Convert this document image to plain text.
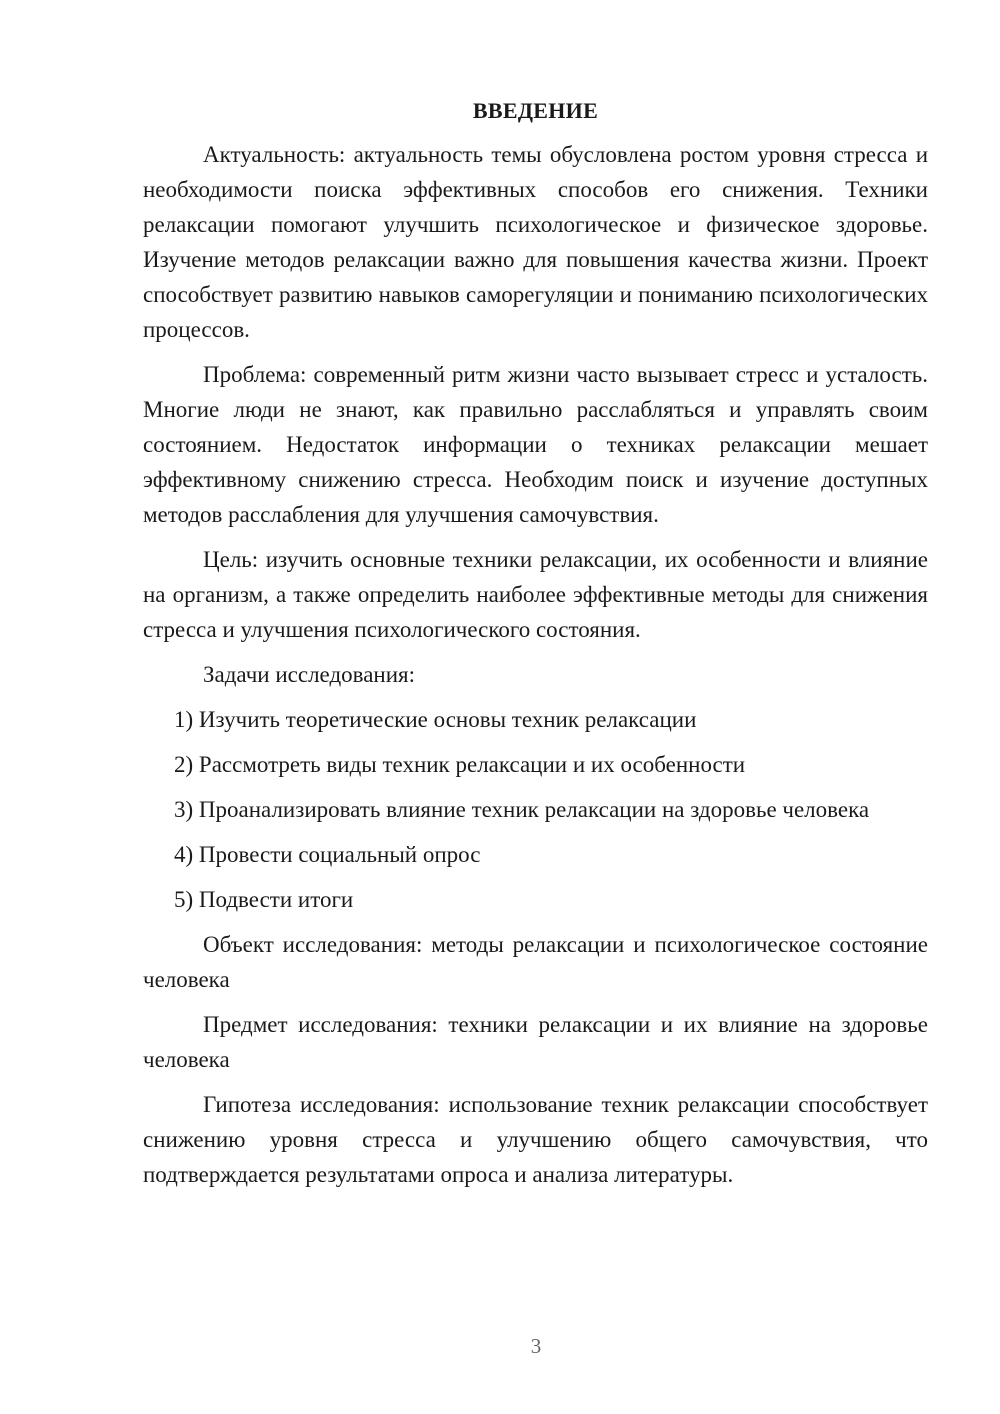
ВВЕДЕНИЕ

Актуальность: актуальность темы обусловлена ростом уровня стресса и необходимости поиска эффективных способов его снижения. Техники релаксации помогают улучшить психологическое и физическое здоровье. Изучение методов релаксации важно для повышения качества жизни. Проект способствует развитию навыков саморегуляции и пониманию психологических процессов.

Проблема: современный ритм жизни часто вызывает стресс и усталость. Многие люди не знают, как правильно расслабляться и управлять своим состоянием. Недостаток информации о техниках релаксации мешает эффективному снижению стресса. Необходим поиск и изучение доступных методов расслабления для улучшения самочувствия.

Цель: изучить основные техники релаксации, их особенности и влияние на организм, а также определить наиболее эффективные методы для снижения стресса и улучшения психологического состояния.

Задачи исследования:

1) Изучить теоретические основы техник релаксации

2) Рассмотреть виды техник релаксации и их особенности

3) Проанализировать влияние техник релаксации на здоровье человека

4) Провести социальный опрос

5) Подвести итоги

Объект исследования: методы релаксации и психологическое состояние человека

Предмет исследования: техники релаксации и их влияние на здоровье человека

Гипотеза исследования: использование техник релаксации способствует снижению уровня стресса и улучшению общего самочувствия, что подтверждается результатами опроса и анализа литературы.

3
